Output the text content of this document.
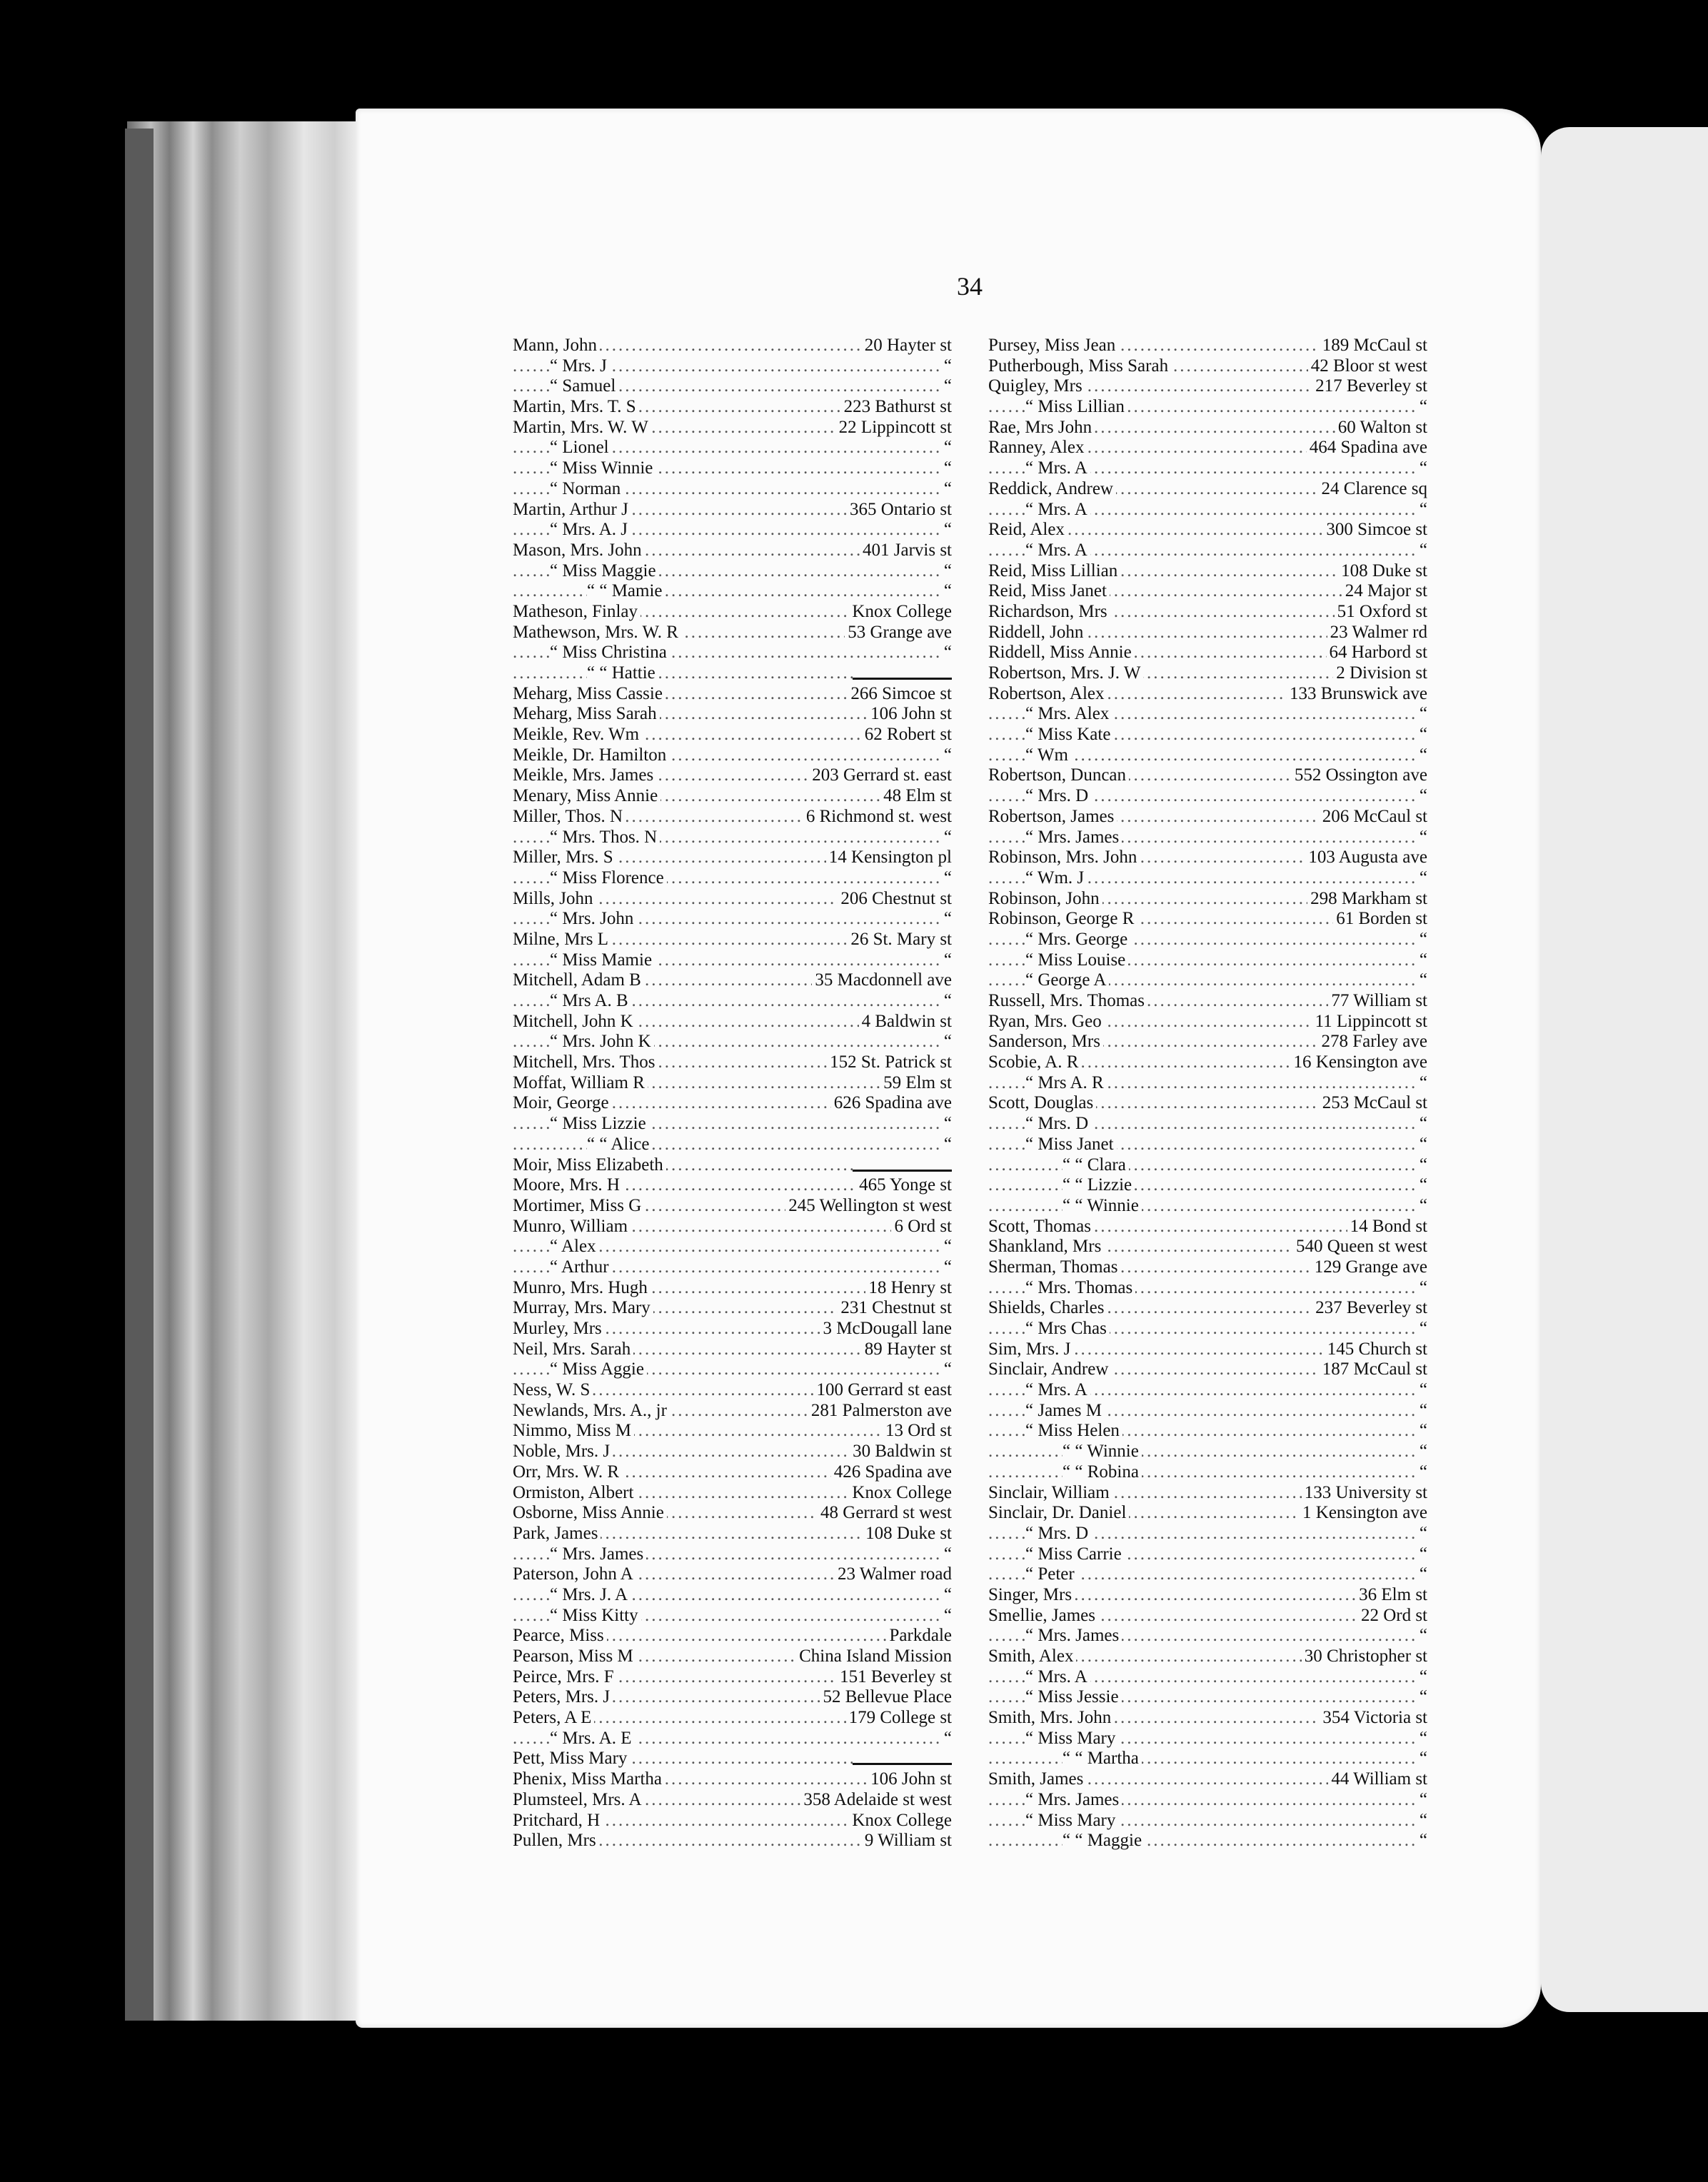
34
.....
Mann, John	20 Hayter st
.....
“ Mrs. J	“
.....
“ Samuel	“
.....
Martin, Mrs. T. S	223 Bathurst st
.....
Martin, Mrs. W. W	22 Lippincott st
.....
“ Lionel	“
.....
“ Miss Winnie	“
.....
“ Norman	“
.....
Martin, Arthur J	365 Ontario st
.....
“ Mrs. A. J	“
.....
Mason, Mrs. John	401 Jarvis st
.....
“ Miss Maggie	“
.....
“ “ Mamie	“
.....
Matheson, Finlay	Knox College
.....
Mathewson, Mrs. W. R	53 Grange ave
.....
“ Miss Christina	“
.....
“ “ Hattie
.....
Meharg, Miss Cassie	266 Simcoe st
.....
Meharg, Miss Sarah	106 John st
.....
Meikle, Rev. Wm	62 Robert st
.....
Meikle, Dr. Hamilton	“
.....
Meikle, Mrs. James	203 Gerrard st. east
.....
Menary, Miss Annie	48 Elm st
.....
Miller, Thos. N	6 Richmond st. west
.....
“ Mrs. Thos. N	“
.....
Miller, Mrs. S	14 Kensington pl
.....
“ Miss Florence	“
.....
Mills, John	206 Chestnut st
.....
“ Mrs. John	“
.....
Milne, Mrs L	26 St. Mary st
.....
“ Miss Mamie	“
.....
Mitchell, Adam B	35 Macdonnell ave
.....
“ Mrs A. B	“
.....
Mitchell, John K	4 Baldwin st
.....
“ Mrs. John K	“
.....
Mitchell, Mrs. Thos	152 St. Patrick st
.....
Moffat, William R	59 Elm st
.....
Moir, George	626 Spadina ave
.....
“ Miss Lizzie	“
.....
“ “ Alice	“
.....
Moir, Miss Elizabeth
.....
Moore, Mrs. H	465 Yonge st
.....
Mortimer, Miss G	245 Wellington st west
.....
Munro, William	6 Ord st
.....
“ Alex	“
.....
“ Arthur	“
.....
Munro, Mrs. Hugh	18 Henry st
.....
Murray, Mrs. Mary	231 Chestnut st
.....
Murley, Mrs	3 McDougall lane
.....
Neil, Mrs. Sarah	89 Hayter st
.....
“ Miss Aggie	“
.....
Ness, W. S	100 Gerrard st east
.....
Newlands, Mrs. A., jr	281 Palmerston ave
.....
Nimmo, Miss M	13 Ord st
.....
Noble, Mrs. J	30 Baldwin st
.....
Orr, Mrs. W. R	426 Spadina ave
.....
Ormiston, Albert	Knox College
.....
Osborne, Miss Annie	48 Gerrard st west
.....
Park, James	108 Duke st
.....
“ Mrs. James	“
.....
Paterson, John A	23 Walmer road
.....
“ Mrs. J. A	“
.....
“ Miss Kitty	“
.....
Pearce, Miss	Parkdale
.....
Pearson, Miss M	China Island Mission
.....
Peirce, Mrs. F	151 Beverley st
.....
Peters, Mrs. J	52 Bellevue Place
.....
Peters, A E	179 College st
.....
“ Mrs. A. E	“
.....
Pett, Miss Mary
.....
Phenix, Miss Martha	106 John st
.....
Plumsteel, Mrs. A	358 Adelaide st west
.....
Pritchard, H	Knox College
.....
Pullen, Mrs	9 William st
.....
Pursey, Miss Jean	189 McCaul st
.....
Putherbough, Miss Sarah	42 Bloor st west
.....
Quigley, Mrs	217 Beverley st
.....
“ Miss Lillian	“
.....
Rae, Mrs John	60 Walton st
.....
Ranney, Alex	464 Spadina ave
.....
“ Mrs. A	“
.....
Reddick, Andrew	24 Clarence sq
.....
“ Mrs. A	“
.....
Reid, Alex	300 Simcoe st
.....
“ Mrs. A	“
.....
Reid, Miss Lillian	108 Duke st
.....
Reid, Miss Janet	24 Major st
.....
Richardson, Mrs	51 Oxford st
.....
Riddell, John	23 Walmer rd
.....
Riddell, Miss Annie	64 Harbord st
.....
Robertson, Mrs. J. W	2 Division st
.....
Robertson, Alex	133 Brunswick ave
.....
“ Mrs. Alex	“
.....
“ Miss Kate	“
.....
“ Wm	“
.....
Robertson, Duncan	552 Ossington ave
.....
“ Mrs. D	“
.....
Robertson, James	206 McCaul st
.....
“ Mrs. James	“
.....
Robinson, Mrs. John	103 Augusta ave
.....
“ Wm. J	“
.....
Robinson, John	298 Markham st
.....
Robinson, George R	61 Borden st
.....
“ Mrs. George	“
.....
“ Miss Louise	“
.....
“ George A	“
.....
Russell, Mrs. Thomas	77 William st
.....
Ryan, Mrs. Geo	11 Lippincott st
.....
Sanderson, Mrs	278 Farley ave
.....
Scobie, A. R	16 Kensington ave
.....
“ Mrs A. R	“
.....
Scott, Douglas	253 McCaul st
.....
“ Mrs. D	“
.....
“ Miss Janet	“
.....
“ “ Clara	“
.....
“ “ Lizzie	“
.....
“ “ Winnie	“
.....
Scott, Thomas	14 Bond st
.....
Shankland, Mrs	540 Queen st west
.....
Sherman, Thomas	129 Grange ave
.....
“ Mrs. Thomas	“
.....
Shields, Charles	237 Beverley st
.....
“ Mrs Chas	“
.....
Sim, Mrs. J	145 Church st
.....
Sinclair, Andrew	187 McCaul st
.....
“ Mrs. A	“
.....
“ James M	“
.....
“ Miss Helen	“
.....
“ “ Winnie	“
.....
“ “ Robina	“
.....
Sinclair, William	133 University st
.....
Sinclair, Dr. Daniel	1 Kensington ave
.....
“ Mrs. D	“
.....
“ Miss Carrie	“
.....
“ Peter	“
.....
Singer, Mrs	36 Elm st
.....
Smellie, James	22 Ord st
.....
“ Mrs. James	“
.....
Smith, Alex	30 Christopher st
.....
“ Mrs. A	“
.....
“ Miss Jessie	“
.....
Smith, Mrs. John	354 Victoria st
.....
“ Miss Mary	“
.....
“ “ Martha	“
.....
Smith, James	44 William st
.....
“ Mrs. James	“
.....
“ Miss Mary	“
.....
“ “ Maggie	“
